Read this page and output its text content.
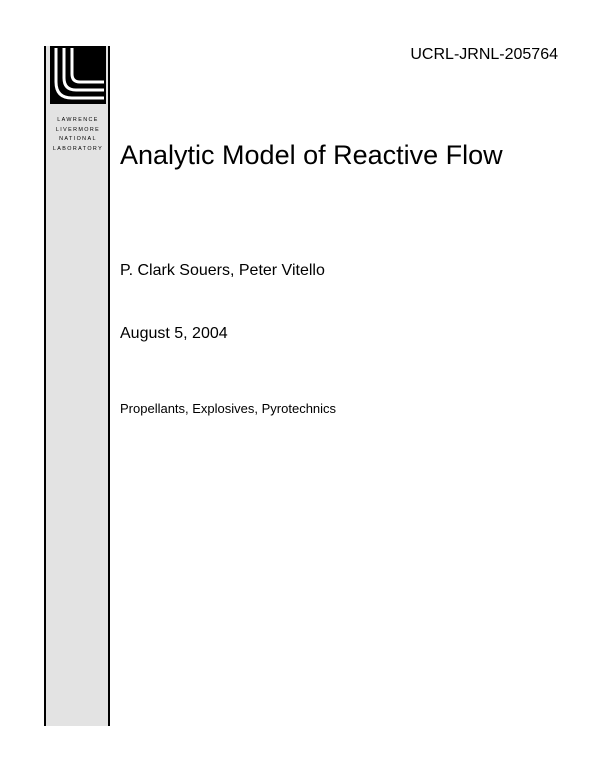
LAWRENCE
LIVERMORE
NATIONAL
LABORATORY
UCRL-JRNL-205764
Analytic Model of Reactive Flow
P. Clark Souers, Peter Vitello
August 5, 2004
Propellants, Explosives, Pyrotechnics
